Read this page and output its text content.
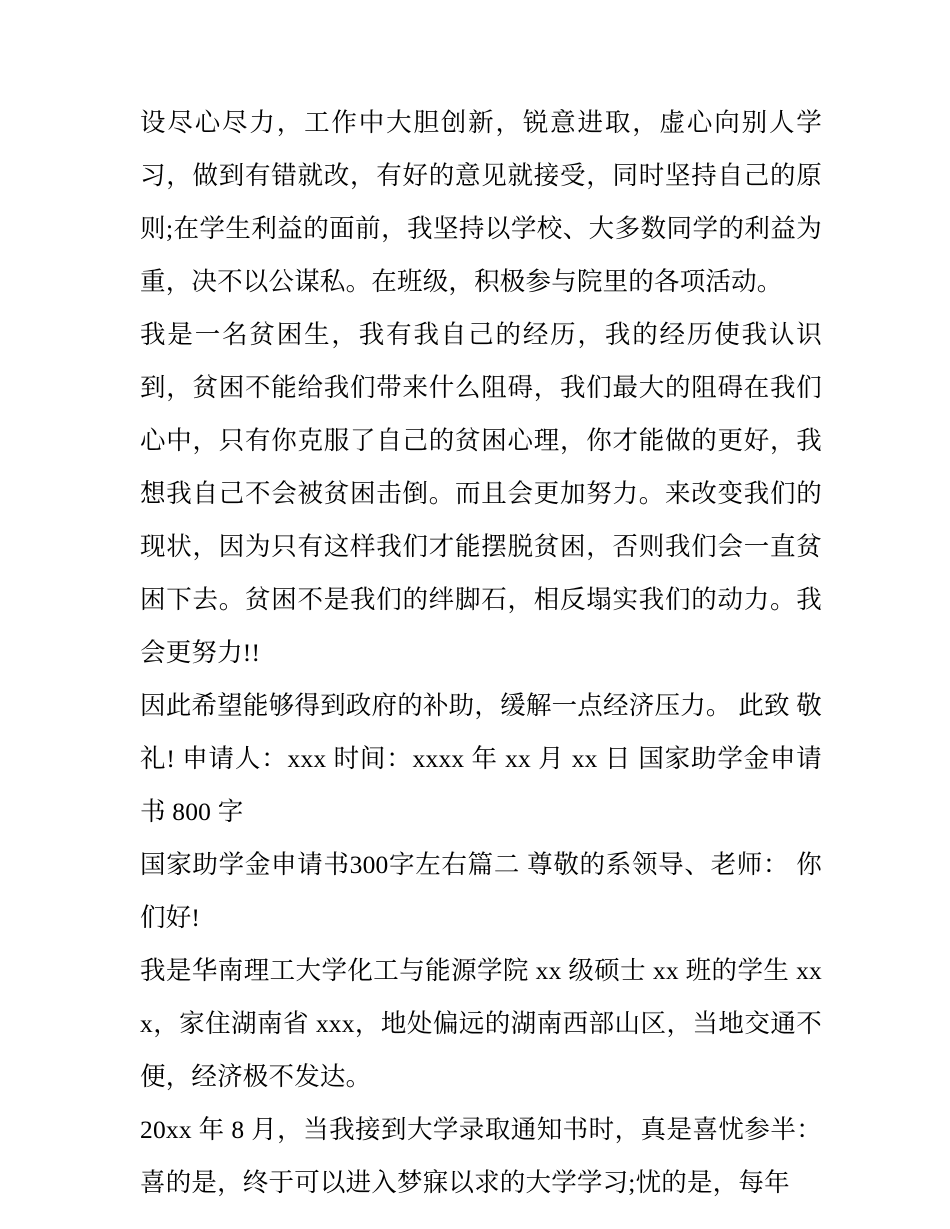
设尽心尽力，工作中大胆创新，锐意进取，虚心向别人学习，做到有错就改，有好的意见就接受，同时坚持自己的原则;在学生利益的面前，我坚持以学校、大多数同学的利益为重，决不以公谋私。在班级，积极参与院里的各项活动。

我是一名贫困生，我有我自己的经历，我的经历使我认识到，贫困不能给我们带来什么阻碍，我们最大的阻碍在我们心中，只有你克服了自己的贫困心理，你才能做的更好，我想我自己不会被贫困击倒。而且会更加努力。来改变我们的现状，因为只有这样我们才能摆脱贫困，否则我们会一直贫困下去。贫困不是我们的绊脚石，相反塌实我们的动力。我会更努力!!

因此希望能够得到政府的补助，缓解一点经济压力。 此致 敬礼! 申请人：xxx 时间：xxxx 年 xx 月 xx 日 国家助学金申请书 800 字

国家助学金申请书300字左右篇二 尊敬的系领导、老师： 你们好!

我是华南理工大学化工与能源学院 xx 级硕士 xx 班的学生 xxx，家住湖南省 xxx，地处偏远的湖南西部山区，当地交通不便，经济极不发达。

20xx 年 8 月，当我接到大学录取通知书时，真是喜忧参半：喜的是，终于可以进入梦寐以求的大学学习;忧的是，每年
